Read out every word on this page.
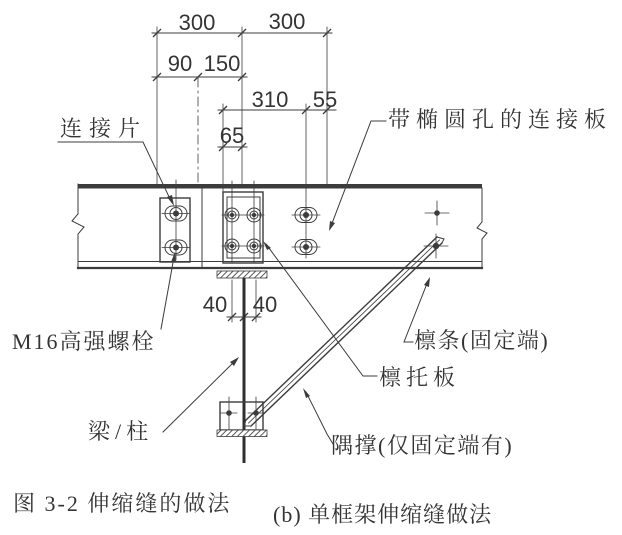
300 300
90 150
310 55
65
40 40
连接片	带椭圆孔的连接板
M16高强螺栓
梁/柱
檩条(固定端)
檩托板
隅撑(仅固定端有)
图 3-2 伸缩缝的做法 (b) 单框架伸缩缝做法
